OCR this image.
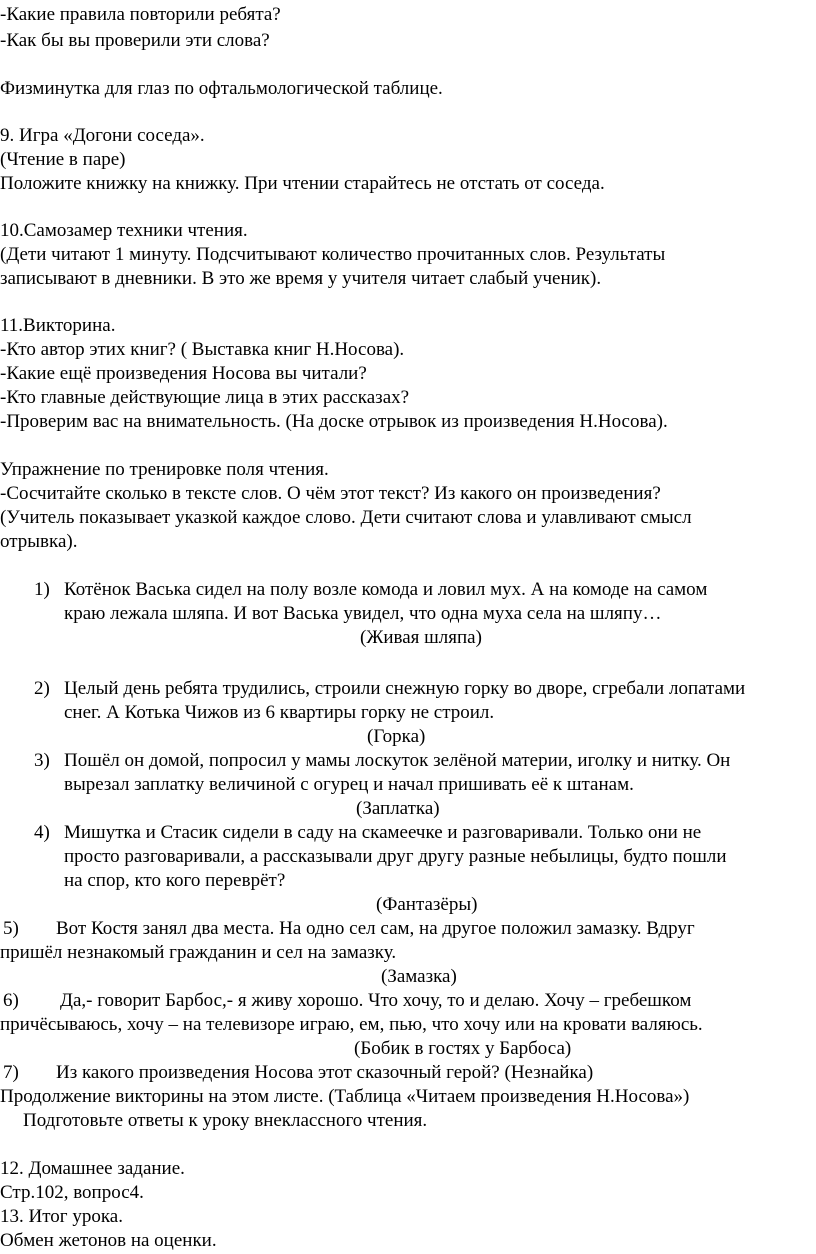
-Какие правила повторили ребята?
-Как бы вы проверили эти слова?
Физминутка для глаз по офтальмологической таблице.
9. Игра «Догони соседа».
(Чтение в паре)
Положите книжку на книжку. При чтении старайтесь не отстать от соседа.
10.Самозамер техники чтения.
(Дети читают 1 минуту. Подсчитывают количество прочитанных слов. Результаты
записывают в дневники. В это же время у учителя читает слабый ученик).
11.Викторина.
-Кто автор этих книг? ( Выставка книг Н.Носова).
-Какие ещё произведения Носова вы читали?
-Кто главные действующие лица в этих рассказах?
-Проверим вас на внимательность. (На доске отрывок из произведения Н.Носова).
Упражнение по тренировке поля чтения.
-Сосчитайте сколько в тексте слов. О чём этот текст? Из какого он произведения?
(Учитель показывает указкой каждое слово. Дети считают слова и улавливают смысл
отрывка).
1) Котёнок Васька сидел на полу возле комода и ловил мух. А на комоде на самом
краю лежала шляпа. И вот Васька увидел, что одна муха села на шляпу…
(Живая шляпа)
2) Целый день ребята трудились, строили снежную горку во дворе, сгребали лопатами
снег. А Котька Чижов из 6 квартиры горку не строил.
(Горка)
3) Пошёл он домой, попросил у мамы лоскуток зелёной материи, иголку и нитку. Он
вырезал заплатку величиной с огурец и начал пришивать её к штанам.
(Заплатка)
4) Мишутка и Стасик сидели в саду на скамеечке и разговаривали. Только они не
просто разговаривали, а рассказывали друг другу разные небылицы, будто пошли
на спор, кто кого переврёт?
(Фантазёры)
5) Вот Костя занял два места. На одно сел сам, на другое положил замазку. Вдруг
пришёл незнакомый гражданин и сел на замазку.
(Замазка)
6) Да,- говорит Барбос,- я живу хорошо. Что хочу, то и делаю. Хочу – гребешком
причёсываюсь, хочу – на телевизоре играю, ем, пью, что хочу или на кровати валяюсь.
(Бобик в гостях у Барбоса)
7) Из какого произведения Носова этот сказочный герой? (Незнайка)
Продолжение викторины на этом листе. (Таблица «Читаем произведения Н.Носова»)
Подготовьте ответы к уроку внеклассного чтения.
12. Домашнее задание.
Стр.102, вопрос4.
13. Итог урока.
Обмен жетонов на оценки.
